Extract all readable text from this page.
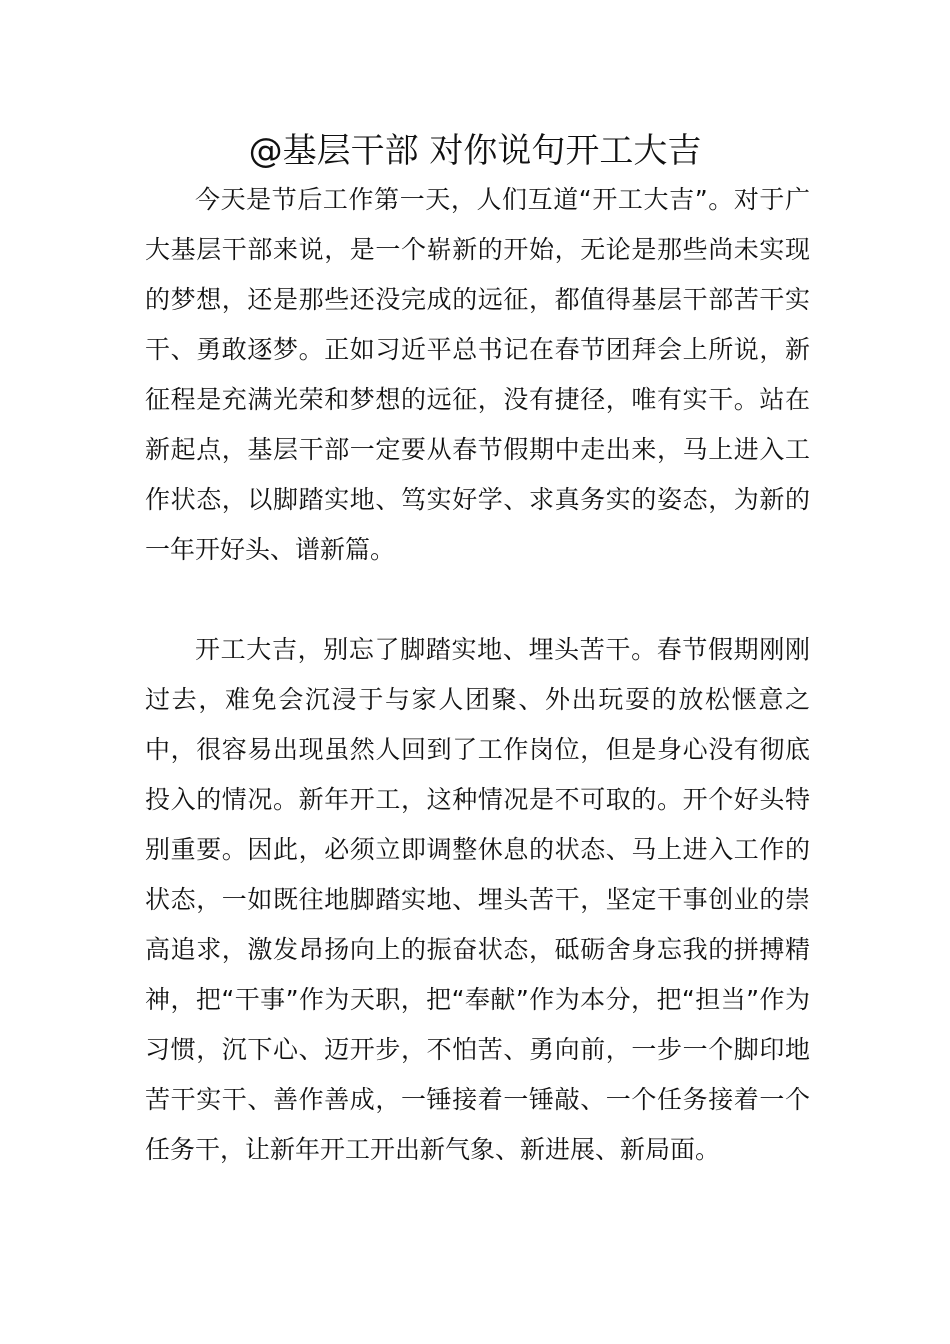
@基层干部 对你说句开工大吉

今天是节后工作第一天，人们互道“开工大吉”。对于广大基层干部来说，是一个崭新的开始，无论是那些尚未实现的梦想，还是那些还没完成的远征，都值得基层干部苦干实干、勇敢逐梦。正如习近平总书记在春节团拜会上所说，新征程是充满光荣和梦想的远征，没有捷径，唯有实干。站在新起点，基层干部一定要从春节假期中走出来，马上进入工作状态，以脚踏实地、笃实好学、求真务实的姿态，为新的一年开好头、谱新篇。

开工大吉，别忘了脚踏实地、埋头苦干。春节假期刚刚过去，难免会沉浸于与家人团聚、外出玩耍的放松惬意之中，很容易出现虽然人回到了工作岗位，但是身心没有彻底投入的情况。新年开工，这种情况是不可取的。开个好头特别重要。因此，必须立即调整休息的状态、马上进入工作的状态，一如既往地脚踏实地、埋头苦干，坚定干事创业的崇高追求，激发昂扬向上的振奋状态，砥砺舍身忘我的拼搏精神，把“干事”作为天职，把“奉献”作为本分，把“担当”作为习惯，沉下心、迈开步，不怕苦、勇向前，一步一个脚印地苦干实干、善作善成，一锤接着一锤敲、一个任务接着一个任务干，让新年开工开出新气象、新进展、新局面。
